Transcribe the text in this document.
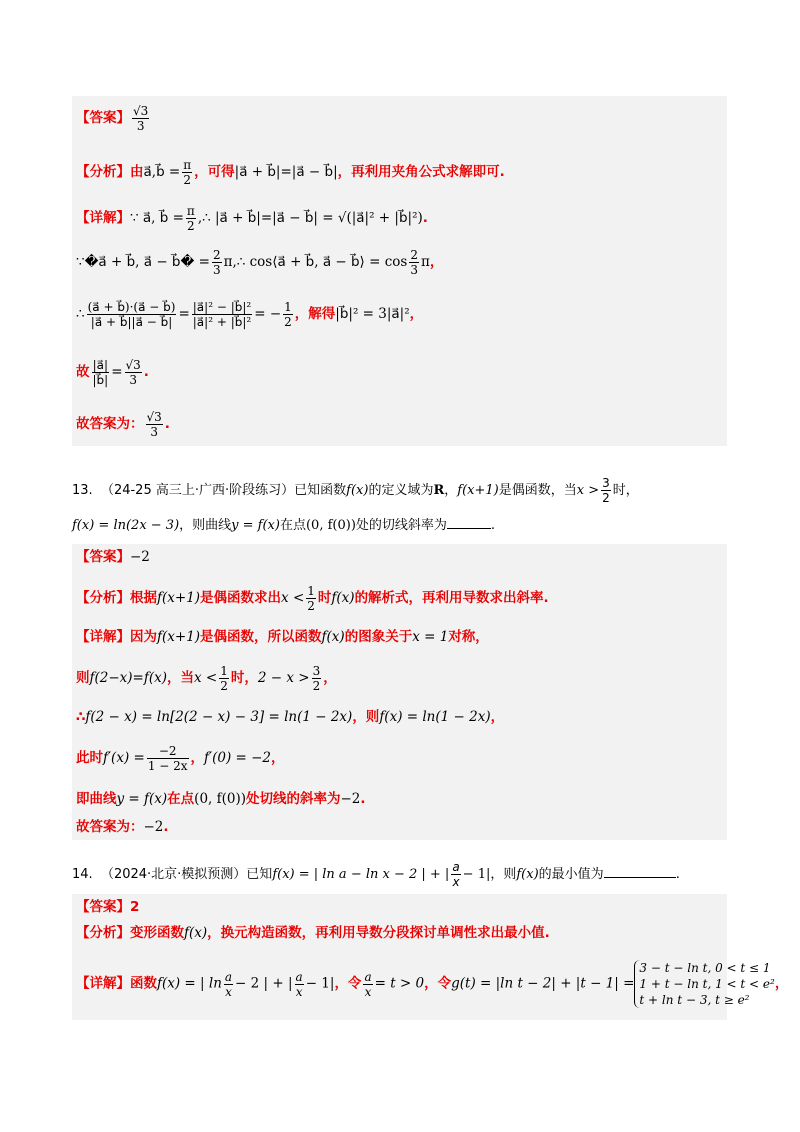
【答案】 $\frac{√3}{3}$
【分析】由a⃗,b⃗ = $\frac{\pi}{2}$ ，可得|a⃗ + b⃗|=|a⃗ − b⃗|，再利用夹角公式求解即可.
【详解】∵ a⃗, b⃗ = $\frac{\pi}{2}$ ,∴ |a⃗ + b⃗|=|a⃗ − b⃗| = √(|a⃗|² + |b⃗|²).
∵�a⃗ + b⃗, a⃗ − b⃗� = $\frac{2}{3}$ π,∴ cos⟨a⃗ + b⃗, a⃗ − b⃗⟩ = $\cos \frac{2}{3}$ π，
∴ $\frac{(a⃗ + b⃗)\cdot(a⃗ - b⃗)}{|a⃗ + b⃗||a⃗ - b⃗|} = \frac{\text{|a⃗|² − |b⃗|²}}{\text{|a⃗|² + |b⃗|²}}$ = − $\frac{1}{2}$ ，解得|b⃗|² = 3|a⃗|²，
故 $\frac{|a⃗|}{|b⃗|} = \frac{√3}{3}$ .
故答案为： $\frac{√3}{3}$ .
13. （24-25 高三上·广西·阶段练习）已知函数f(x)的定义域为R，f(x+1)是偶函数，当$x > \frac{3}{2}$ 时，
f(x) = ln(2x − 3)，则曲线y = f(x)在点(0, f(0))处的切线斜率为	.
【答案】−2
【分析】根据f(x+1)是偶函数求出$x < \frac{1}{2}$ 时f(x)的解析式，再利用导数求出斜率.
【详解】因为f(x+1)是偶函数，所以函数f(x)的图象关于x = 1对称，
则f(2−x)=f(x)，当$x < \frac{1}{2}$ 时，$2 - x > \frac{3}{2}$ ，
∴f(2 − x) = ln[2(2 − x) − 3] = ln(1 − 2x)，则f(x) = ln(1 − 2x)，
此时$f'(x) = \frac{-2}{1 - 2x}$ ，f′(0) = −2，
即曲线y = f(x)在点(0, f(0))处切线的斜率为−2.
故答案为：−2.
14. （2024·北京·模拟预测）已知f(x) = | ln a − ln x − 2 | + | $\frac{a}{x} - 1|$，则f(x)的最小值为	.
【答案】2
【分析】变形函数f(x)，换元构造函数，再利用导数分段探讨单调性求出最小值.
【详解】函数f(x) = | $\ln \frac{a}{x} - 2$ | + | $\frac{a}{x} - 1|$，令 $\frac{a}{x} = t > 0$，令g(t) = |ln t − 2| + |t − 1| =
3 − t − ln t, 0 < t ≤ 1
1 + t − ln t, 1 < t < e²
t + ln t − 3, t ≥ e²
，
